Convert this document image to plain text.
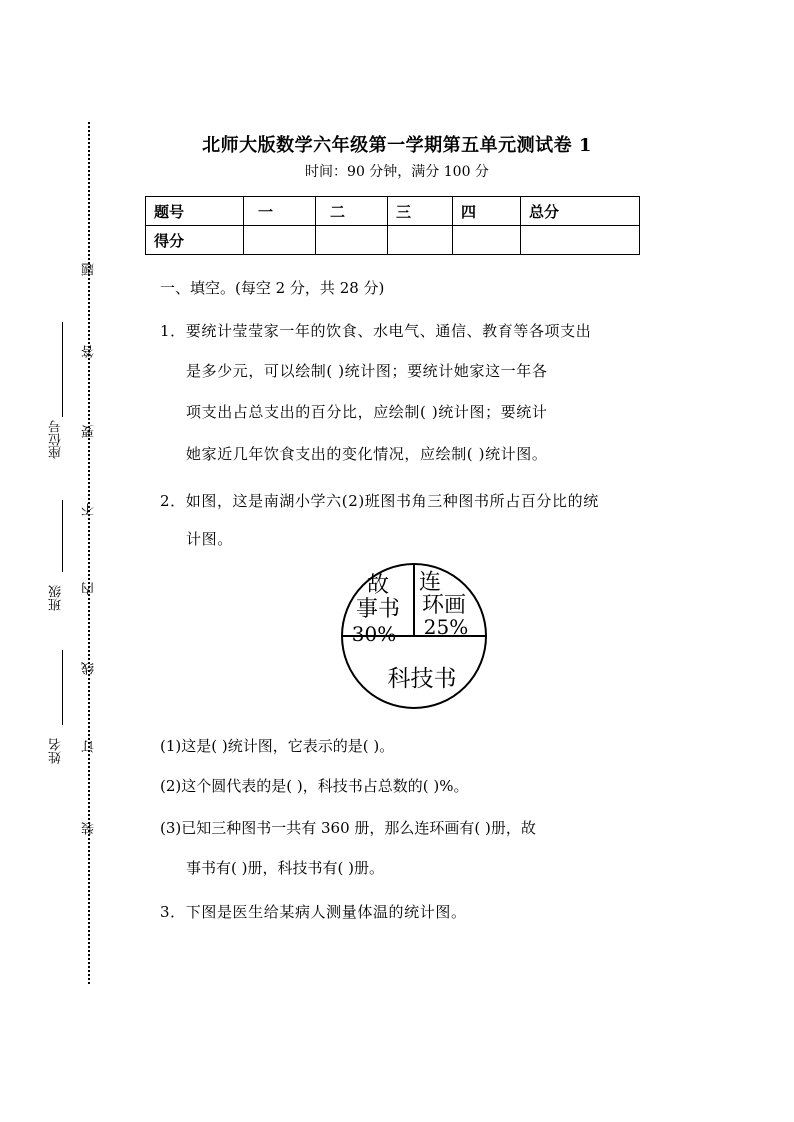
题
答
要
不
内
线
订
装
座位号
班级
姓名
北师大版数学六年级第一学期第五单元测试卷 1
时间：90 分钟，满分 100 分
题号	一	二	三	四	总分
得分					
一、填空。(每空 2 分，共 28 分)
1．要统计莹莹家一年的饮食、水电气、通信、教育等各项支出
是多少元，可以绘制( )统计图；要统计她家这一年各
项支出占总支出的百分比，应绘制( )统计图；要统计
她家近几年饮食支出的变化情况，应绘制( )统计图。
2．如图，这是南湖小学六(2)班图书角三种图书所占百分比的统
计图。
故
事书
30%
连
环画
25%
科技书
(1)这是( )统计图，它表示的是( )。
(2)这个圆代表的是( )，科技书占总数的( )%。
(3)已知三种图书一共有 360 册，那么连环画有( )册，故
事书有( )册，科技书有( )册。
3．下图是医生给某病人测量体温的统计图。
